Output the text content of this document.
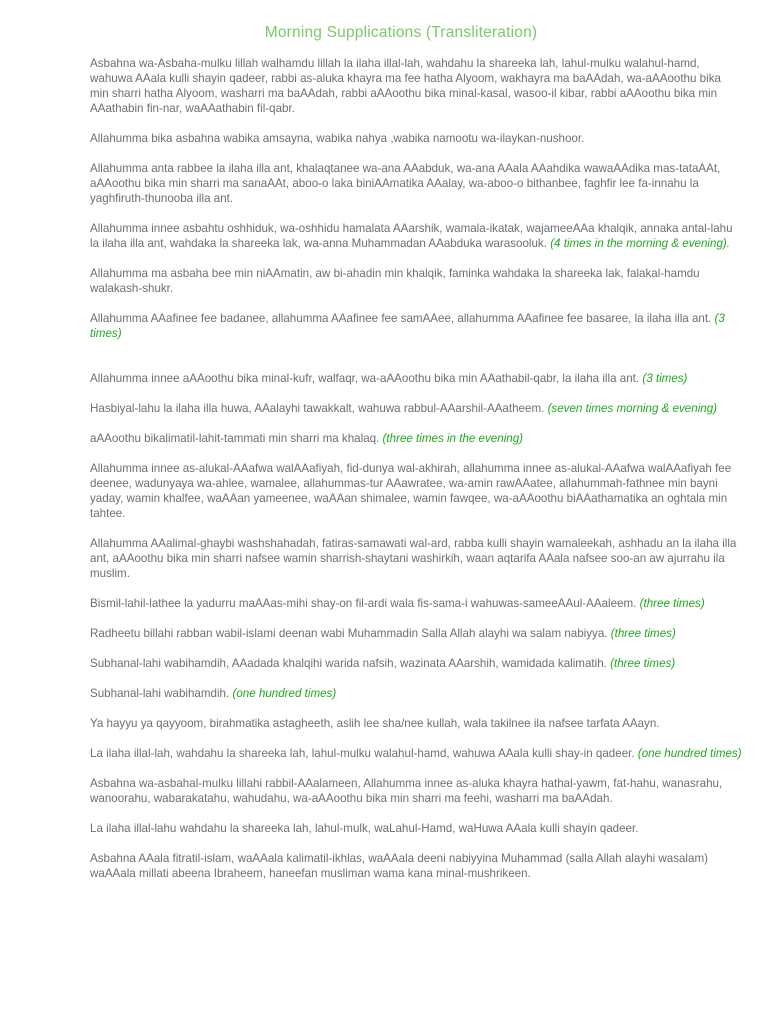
Morning Supplications (Transliteration)

Asbahna wa-Asbaha-mulku lillah walhamdu lillah la ilaha illal-lah, wahdahu la shareeka lah, lahul-mulku walahul-hamd, wahuwa AAala kulli shayin qadeer, rabbi as-aluka khayra ma fee hatha Alyoom, wakhayra ma baAAdah, wa-aAAoothu bika min sharri hatha Alyoom, washarri ma baAAdah, rabbi aAAoothu bika minal-kasal, wasoo-il kibar, rabbi aAAoothu bika min AAathabin fin-nar, waAAathabin fil-qabr.

Allahumma bika asbahna wabika amsayna, wabika nahya ,wabika namootu wa-ilaykan-nushoor.

Allahumma anta rabbee la ilaha illa ant, khalaqtanee wa-ana AAabduk, wa-ana AAala AAahdika wawaAAdika mas-tataAAt, aAAoothu bika min sharri ma sanaAAt, aboo-o laka biniAAmatika AAalay, wa-aboo-o bithanbee, faghfir lee fa-innahu la yaghfiruth-thunooba illa ant.

Allahumma innee asbahtu oshhiduk, wa-oshhidu hamalata AAarshik, wamala-ikatak, wajameeAAa khalqik, annaka antal-lahu la ilaha illa ant, wahdaka la shareeka lak, wa-anna Muhammadan AAabduka warasooluk. (4 times in the morning & evening).

Allahumma ma asbaha bee min niAAmatin, aw bi-ahadin min khalqik, faminka wahdaka la shareeka lak, falakal-hamdu walakash-shukr.

Allahumma AAafinee fee badanee, allahumma AAafinee fee samAAee, allahumma AAafinee fee basaree, la ilaha illa ant. (3 times)

Allahumma innee aAAoothu bika minal-kufr, walfaqr, wa-aAAoothu bika min AAathabil-qabr, la ilaha illa ant. (3 times)

Hasbiyal-lahu la ilaha illa huwa, AAalayhi tawakkalt, wahuwa rabbul-AAarshil-AAatheem. (seven times morning & evening)

aAAoothu bikalimatil-lahit-tammati min sharri ma khalaq. (three times in the evening)

Allahumma innee as-alukal-AAafwa walAAafiyah, fid-dunya wal-akhirah, allahumma innee as-alukal-AAafwa walAAafiyah fee deenee, wadunyaya wa-ahlee, wamalee, allahummas-tur AAawratee, wa-amin rawAAatee, allahummah-fathnee min bayni yaday, wamin khalfee, waAAan yameenee, waAAan shimalee, wamin fawqee, wa-aAAoothu biAAathamatika an oghtala min tahtee.

Allahumma AAalimal-ghaybi washshahadah, fatiras-samawati wal-ard, rabba kulli shayin wamaleekah, ashhadu an la ilaha illa ant, aAAoothu bika min sharri nafsee wamin sharrish-shaytani washirkih, waan aqtarifa AAala nafsee soo-an aw ajurrahu ila muslim.

Bismil-lahil-lathee la yadurru maAAas-mihi shay-on fil-ardi wala fis-sama-i wahuwas-sameeAAul-AAaleem. (three times)

Radheetu billahi rabban wabil-islami deenan wabi Muhammadin Salla Allah alayhi wa salam nabiyya. (three times)

Subhanal-lahi wabihamdih, AAadada khalqihi warida nafsih, wazinata AAarshih, wamidada kalimatih. (three times)

Subhanal-lahi wabihamdih. (one hundred times)

Ya hayyu ya qayyoom, birahmatika astagheeth, aslih lee sha/nee kullah, wala takilnee ila nafsee tarfata AAayn.

La ilaha illal-lah, wahdahu la shareeka lah, lahul-mulku walahul-hamd, wahuwa AAala kulli shay-in qadeer. (one hundred times)

Asbahna wa-asbahal-mulku lillahi rabbil-AAalameen, Allahumma innee as-aluka khayra hathal-yawm, fat-hahu, wanasrahu, wanoorahu, wabarakatahu, wahudahu, wa-aAAoothu bika min sharri ma feehi, washarri ma baAAdah.

La ilaha illal-lahu wahdahu la shareeka lah, lahul-mulk, waLahul-Hamd, waHuwa AAala kulli shayin qadeer.

Asbahna AAala fitratil-islam, waAAala kalimatil-ikhlas, waAAala deeni nabiyyina Muhammad (salla Allah alayhi wasalam) waAAala millati abeena Ibraheem, haneefan musliman wama kana minal-mushrikeen.
